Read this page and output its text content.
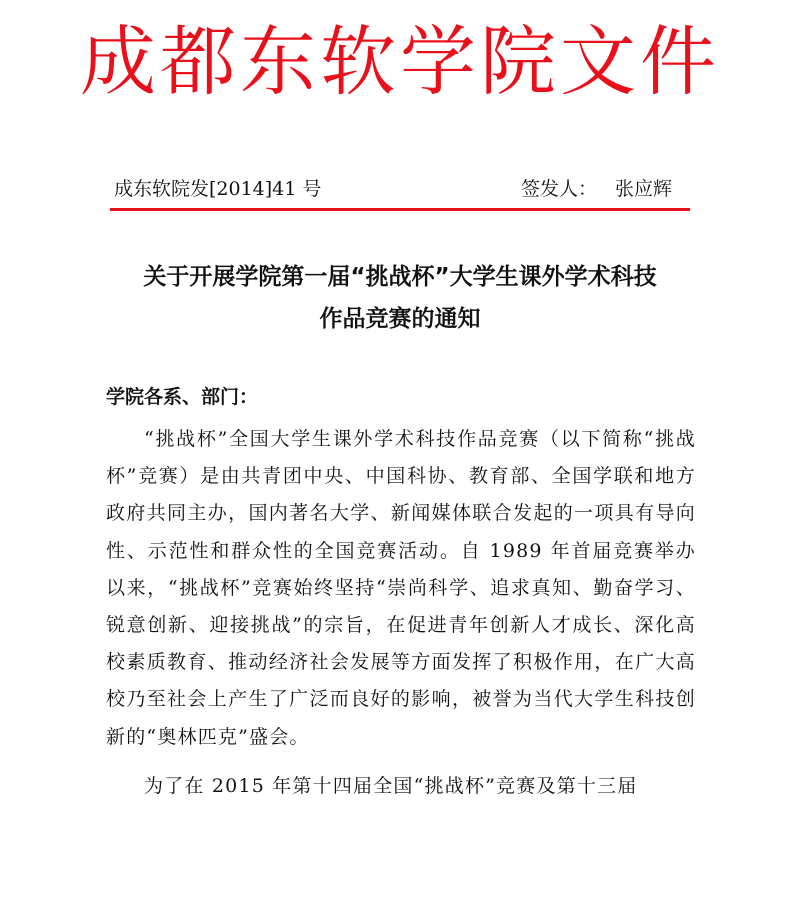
成都东软学院文件
成东软院发[2014]41 号	签发人： 张应辉
关于开展学院第一届“挑战杯”大学生课外学术科技
作品竞赛的通知
学院各系、部门：

“挑战杯”全国大学生课外学术科技作品竞赛（以下简称“挑战杯”竞赛）是由共青团中央、中国科协、教育部、全国学联和地方政府共同主办，国内著名大学、新闻媒体联合发起的一项具有导向性、示范性和群众性的全国竞赛活动。自 1989 年首届竞赛举办以来，“挑战杯”竞赛始终坚持“崇尚科学、追求真知、勤奋学习、锐意创新、迎接挑战”的宗旨，在促进青年创新人才成长、深化高校素质教育、推动经济社会发展等方面发挥了积极作用，在广大高校乃至社会上产生了广泛而良好的影响，被誉为当代大学生科技创新的“奥林匹克”盛会。

为了在 2015 年第十四届全国“挑战杯”竞赛及第十三届
